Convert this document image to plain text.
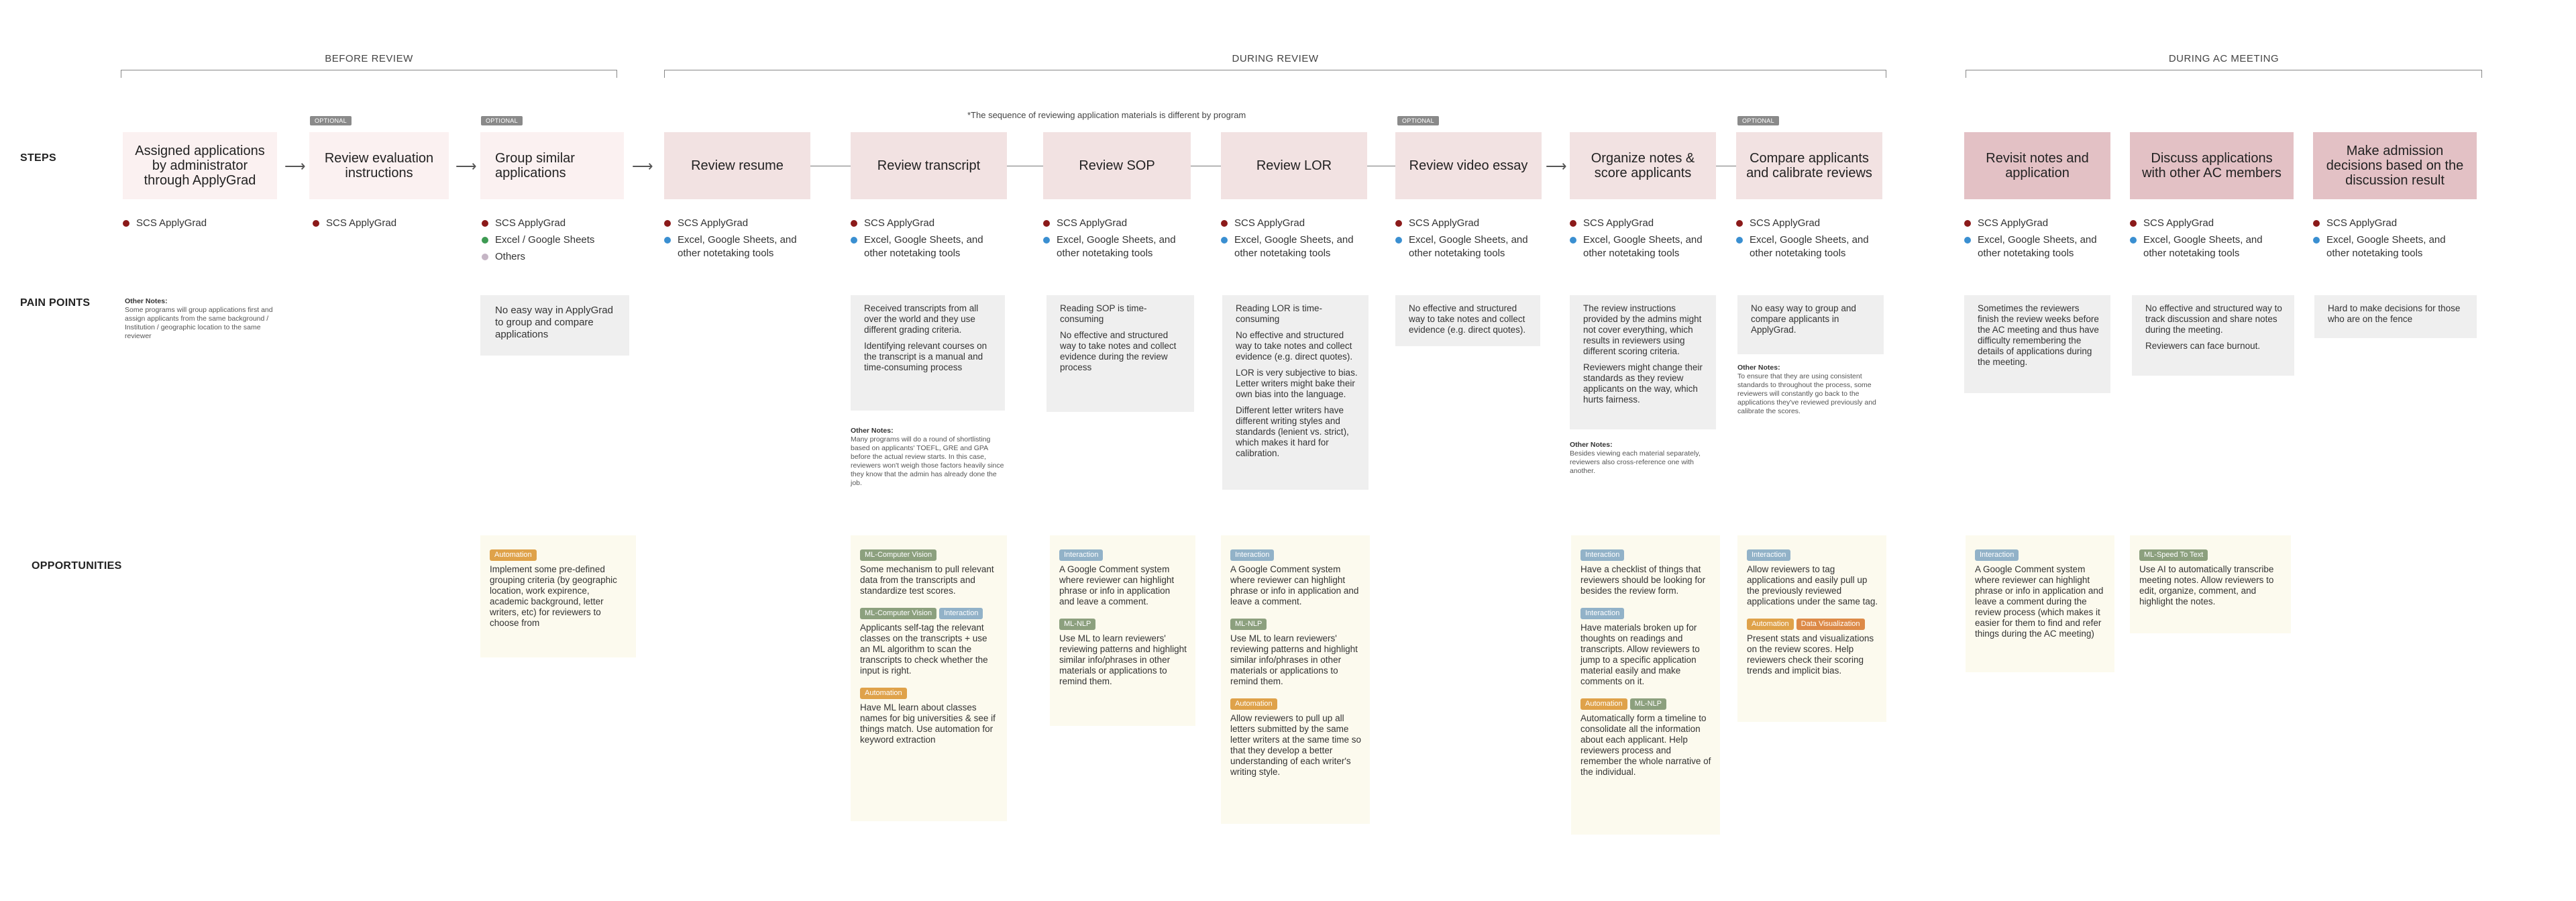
BEFORE REVIEW	DURING REVIEW	DURING AC MEETING
*The sequence of reviewing application materials is different by program
STEPS
PAIN POINTS
OPPORTUNITIES
OPTIONAL	OPTIONAL	OPTIONAL	OPTIONAL
Assigned applications by administrator through ApplyGrad
⟶	Review evaluation instructions	⟶	Group similar applications	⟶	Review resume	Review transcript	Review SOP	Review LOR	Review video essay	⟶	Organize notes & score applicants
Compare applicants and calibrate reviews
Revisit notes and application
Discuss applications with other AC members
Make admission decisions based on the discussion result
SCS ApplyGrad	SCS ApplyGrad	SCS ApplyGrad
Excel / Google Sheets
Others
SCS ApplyGrad
Excel, Google Sheets, and other notetaking tools
SCS ApplyGrad
Excel, Google Sheets, and other notetaking tools
SCS ApplyGrad
Excel, Google Sheets, and other notetaking tools
SCS ApplyGrad
Excel, Google Sheets, and other notetaking tools
SCS ApplyGrad
Excel, Google Sheets, and other notetaking tools
SCS ApplyGrad
Excel, Google Sheets, and other notetaking tools
SCS ApplyGrad
Excel, Google Sheets, and other notetaking tools
SCS ApplyGrad
Excel, Google Sheets, and other notetaking tools
SCS ApplyGrad
Excel, Google Sheets, and other notetaking tools
SCS ApplyGrad
Excel, Google Sheets, and other notetaking tools
Other Notes:
Some programs will group applications first and assign applicants from the same background / Institution / geographic location to the same reviewer

No easy way in ApplyGrad to group and compare applications

Received transcripts from all over the world and they use different grading criteria.

Identifying relevant courses on the transcript is a manual and time-consuming process

Other Notes:
Many programs will do a round of shortlisting based on applicants' TOEFL, GRE and GPA before the actual review starts. In this case, reviewers won't weigh those factors heavily since they know that the admin has already done the job.

Reading SOP is time-consuming

No effective and structured way to take notes and collect evidence during the review process

Reading LOR is time-consuming

No effective and structured way to take notes and collect evidence (e.g. direct quotes).

LOR is very subjective to bias. Letter writers might bake their own bias into the language.

Different letter writers have different writing styles and standards (lenient vs. strict), which makes it hard for calibration.

No effective and structured way to take notes and collect evidence (e.g. direct quotes).

The review instructions provided by the admins might not cover everything, which results in reviewers using different scoring criteria.

Reviewers might change their standards as they review applicants on the way, which hurts fairness.

Other Notes:
Besides viewing each material separately, reviewers also cross-reference one with another.

No easy way to group and compare applicants in ApplyGrad.

Other Notes:
To ensure that they are using consistent standards to throughout the process, some reviewers will constantly go back to the applications they've reviewed previously and calibrate the scores.

Sometimes the reviewers finish the review weeks before the AC meeting and thus have difficulty remembering the details of applications during the meeting.

No effective and structured way to track discussion and share notes during the meeting.

Reviewers can face burnout.

Hard to make decisions for those who are on the fence

Automation
Implement some pre-defined grouping criteria (by geographic location, work expirence, academic background, letter writers, etc) for reviewers to choose from
ML-Computer Vision
Some mechanism to pull relevant data from the transcripts and standardize test scores.
ML-Computer Vision Interaction
Applicants self-tag the relevant classes on the transcripts + use an ML algorithm to scan the transcripts to check whether the input is right.
Automation
Have ML learn about classes names for big universities & see if things match. Use automation for keyword extraction
Interaction
A Google Comment system where reviewer can highlight phrase or info in application and leave a comment.
ML-NLP
Use ML to learn reviewers' reviewing patterns and highlight similar info/phrases in other materials or applications to remind them.
Interaction
A Google Comment system where reviewer can highlight phrase or info in application and leave a comment.
ML-NLP
Use ML to learn reviewers' reviewing patterns and highlight similar info/phrases in other materials or applications to remind them.
Automation
Allow reviewers to pull up all letters submitted by the same letter writers at the same time so that they develop a better understanding of each writer's writing style.
Interaction
Have a checklist of things that reviewers should be looking for besides the review form.
Interaction
Have materials broken up for thoughts on readings and transcripts. Allow reviewers to jump to a specific application material easily and make comments on it.
Automation ML-NLP
Automatically form a timeline to consolidate all the information about each applicant. Help reviewers process and remember the whole narrative of the individual.
Interaction
Allow reviewers to tag applications and easily pull up the previously reviewed applications under the same tag.
Automation Data Visualization
Present stats and visualizations on the review scores. Help reviewers check their scoring trends and implicit bias.
Interaction
A Google Comment system where reviewer can highlight phrase or info in application and leave a comment during the review process (which makes it easier for them to find and refer things during the AC meeting)
ML-Speed To Text
Use AI to automatically transcribe meeting notes. Allow reviewers to edit, organize, comment, and highlight the notes.
